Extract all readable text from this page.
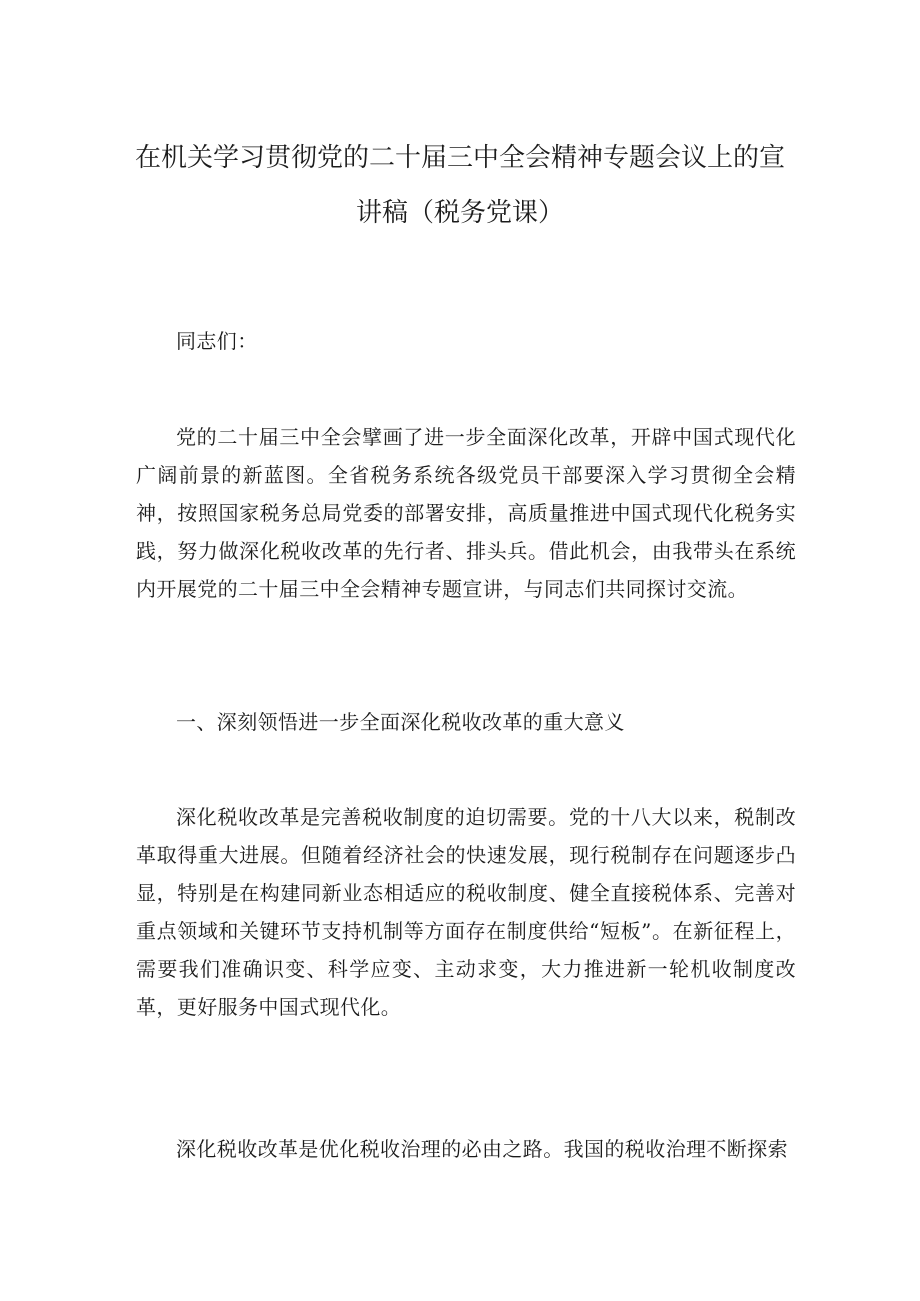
在机关学习贯彻党的二十届三中全会精神专题会议上的宣
讲稿（税务党课）

同志们：

党的二十届三中全会擘画了进一步全面深化改革，开辟中国式现代化广阔前景的新蓝图。全省税务系统各级党员干部要深入学习贯彻全会精神，按照国家税务总局党委的部署安排，高质量推进中国式现代化税务实践，努力做深化税收改革的先行者、排头兵。借此机会，由我带头在系统内开展党的二十届三中全会精神专题宣讲，与同志们共同探讨交流。

一、深刻领悟进一步全面深化税收改革的重大意义

深化税收改革是完善税收制度的迫切需要。党的十八大以来，税制改革取得重大进展。但随着经济社会的快速发展，现行税制存在问题逐步凸显，特别是在构建同新业态相适应的税收制度、健全直接税体系、完善对重点领域和关键环节支持机制等方面存在制度供给“短板”。在新征程上，需要我们准确识变、科学应变、主动求变，大力推进新一轮机收制度改革，更好服务中国式现代化。

深化税收改革是优化税收治理的必由之路。我国的税收治理不断探索
